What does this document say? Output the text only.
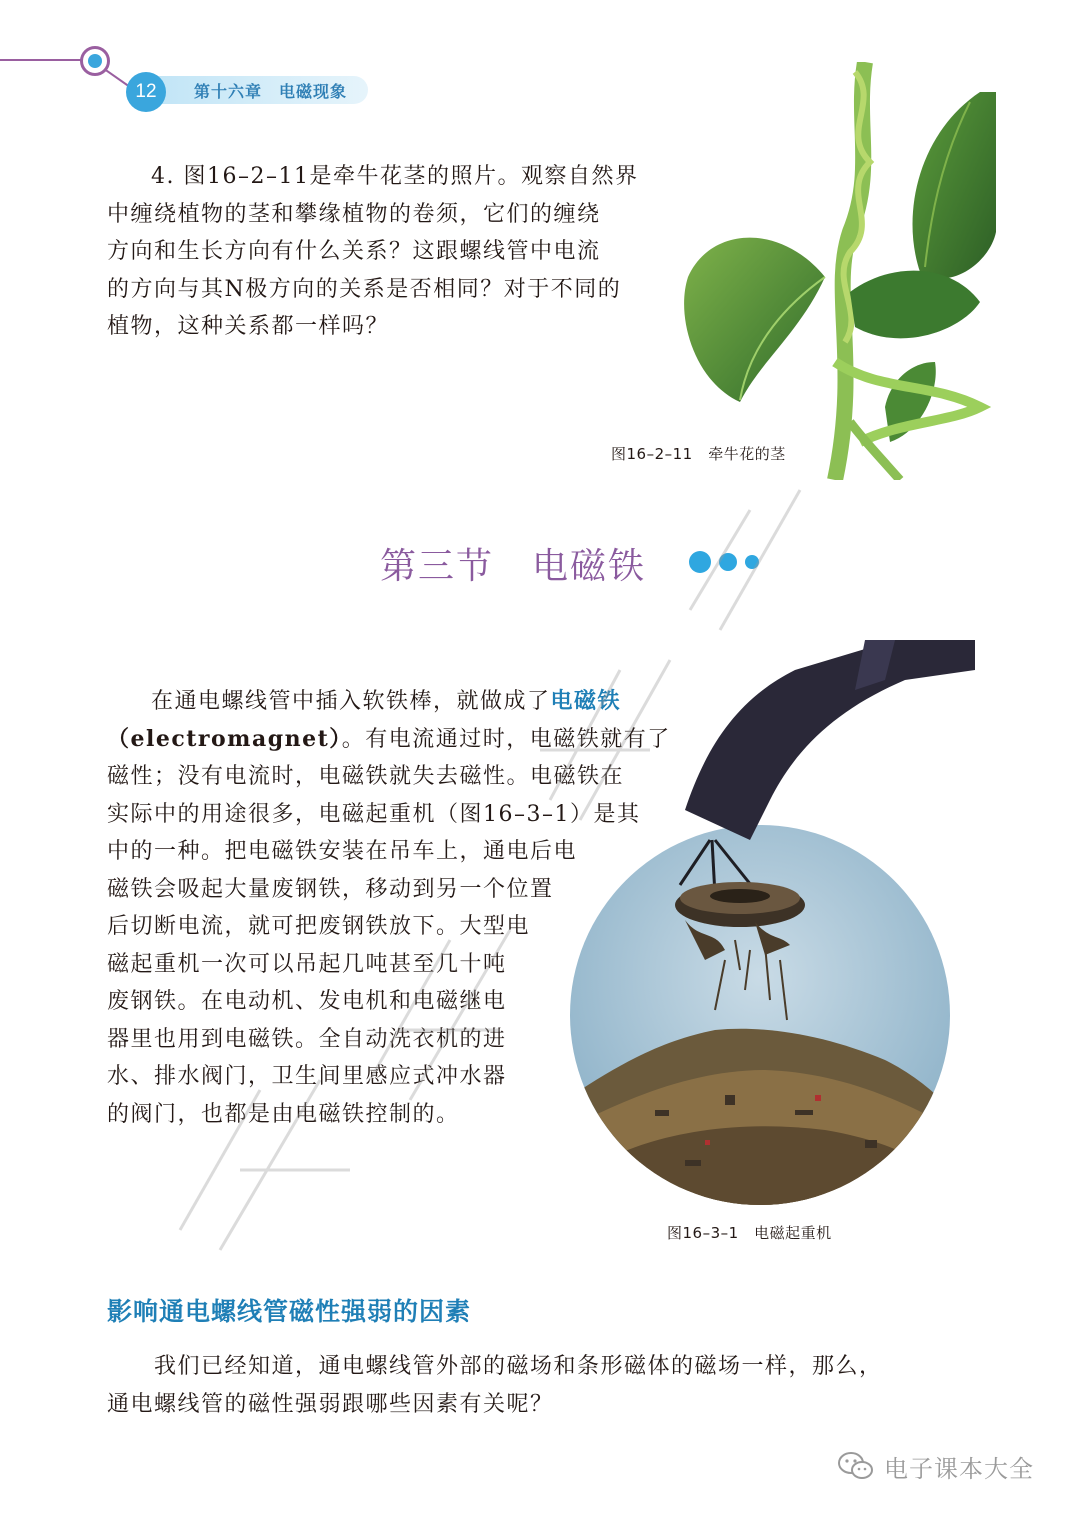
12	第十六章　电磁现象
4. 图16–2–11是牵牛花茎的照片。观察自然界
中缠绕植物的茎和攀缘植物的卷须，它们的缠绕
方向和生长方向有什么关系？这跟螺线管中电流
的方向与其N极方向的关系是否相同？对于不同的
植物，这种关系都一样吗？
图16–2–11　牵牛花的茎
第三节　电磁铁
图16–3–1　电磁起重机
在通电螺线管中插入软铁棒，就做成了电磁铁
（electromagnet）。有电流通过时，电磁铁就有了
磁性；没有电流时，电磁铁就失去磁性。电磁铁在
实际中的用途很多，电磁起重机（图16–3–1）是其
中的一种。把电磁铁安装在吊车上，通电后电
磁铁会吸起大量废钢铁，移动到另一个位置
后切断电流，就可把废钢铁放下。大型电
磁起重机一次可以吊起几吨甚至几十吨
废钢铁。在电动机、发电机和电磁继电
器里也用到电磁铁。全自动洗衣机的进
水、排水阀门，卫生间里感应式冲水器
的阀门，也都是由电磁铁控制的。
影响通电螺线管磁性强弱的因素
　　我们已经知道，通电螺线管外部的磁场和条形磁体的磁场一样，那么，
通电螺线管的磁性强弱跟哪些因素有关呢？
电子课本大全
